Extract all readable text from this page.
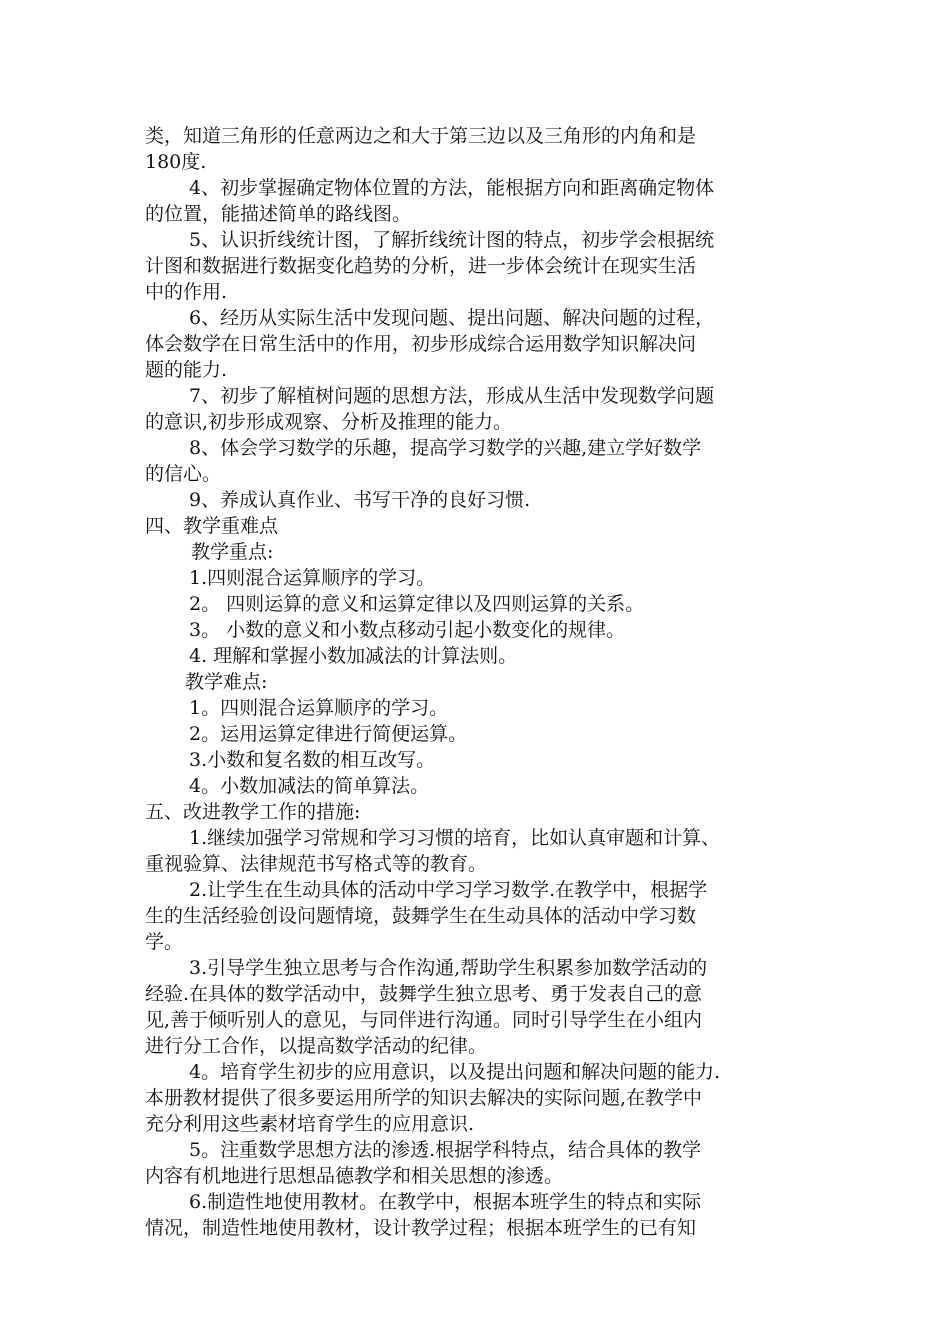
类，知道三角形的任意两边之和大于第三边以及三角形的内角和是

180度.

4、初步掌握确定物体位置的方法，能根据方向和距离确定物体

的位置，能描述简单的路线图。

5、认识折线统计图，了解折线统计图的特点，初步学会根据统

计图和数据进行数据变化趋势的分析，进一步体会统计在现实生活

中的作用.

6、经历从实际生活中发现问题、提出问题、解决问题的过程，

体会数学在日常生活中的作用，初步形成综合运用数学知识解决问

题的能力.

7、初步了解植树问题的思想方法，形成从生活中发现数学问题

的意识,初步形成观察、分析及推理的能力。

8、体会学习数学的乐趣，提高学习数学的兴趣,建立学好数学

的信心。

9、养成认真作业、书写干净的良好习惯.

四、教学重难点

教学重点:

1.四则混合运算顺序的学习。

2。 四则运算的意义和运算定律以及四则运算的关系。

3。 小数的意义和小数点移动引起小数变化的规律。

4. 理解和掌握小数加减法的计算法则。

教学难点:

1。四则混合运算顺序的学习。

2。运用运算定律进行简便运算。

3.小数和复名数的相互改写。

4。小数加减法的简单算法。

五、改进教学工作的措施:

1.继续加强学习常规和学习习惯的培育，比如认真审题和计算、

重视验算、法律规范书写格式等的教育。

2.让学生在生动具体的活动中学习学习数学.在教学中，根据学

生的生活经验创设问题情境，鼓舞学生在生动具体的活动中学习数

学。

3.引导学生独立思考与合作沟通,帮助学生积累参加数学活动的

经验.在具体的数学活动中，鼓舞学生独立思考、勇于发表自己的意

见,善于倾听别人的意见，与同伴进行沟通。同时引导学生在小组内

进行分工合作，以提高数学活动的纪律。

4。培育学生初步的应用意识，以及提出问题和解决问题的能力.

本册教材提供了很多要运用所学的知识去解决的实际问题,在教学中

充分利用这些素材培育学生的应用意识.

5。注重数学思想方法的渗透.根据学科特点，结合具体的教学

内容有机地进行思想品德教学和相关思想的渗透。

6.制造性地使用教材。在教学中，根据本班学生的特点和实际

情况，制造性地使用教材，设计教学过程；根据本班学生的已有知
